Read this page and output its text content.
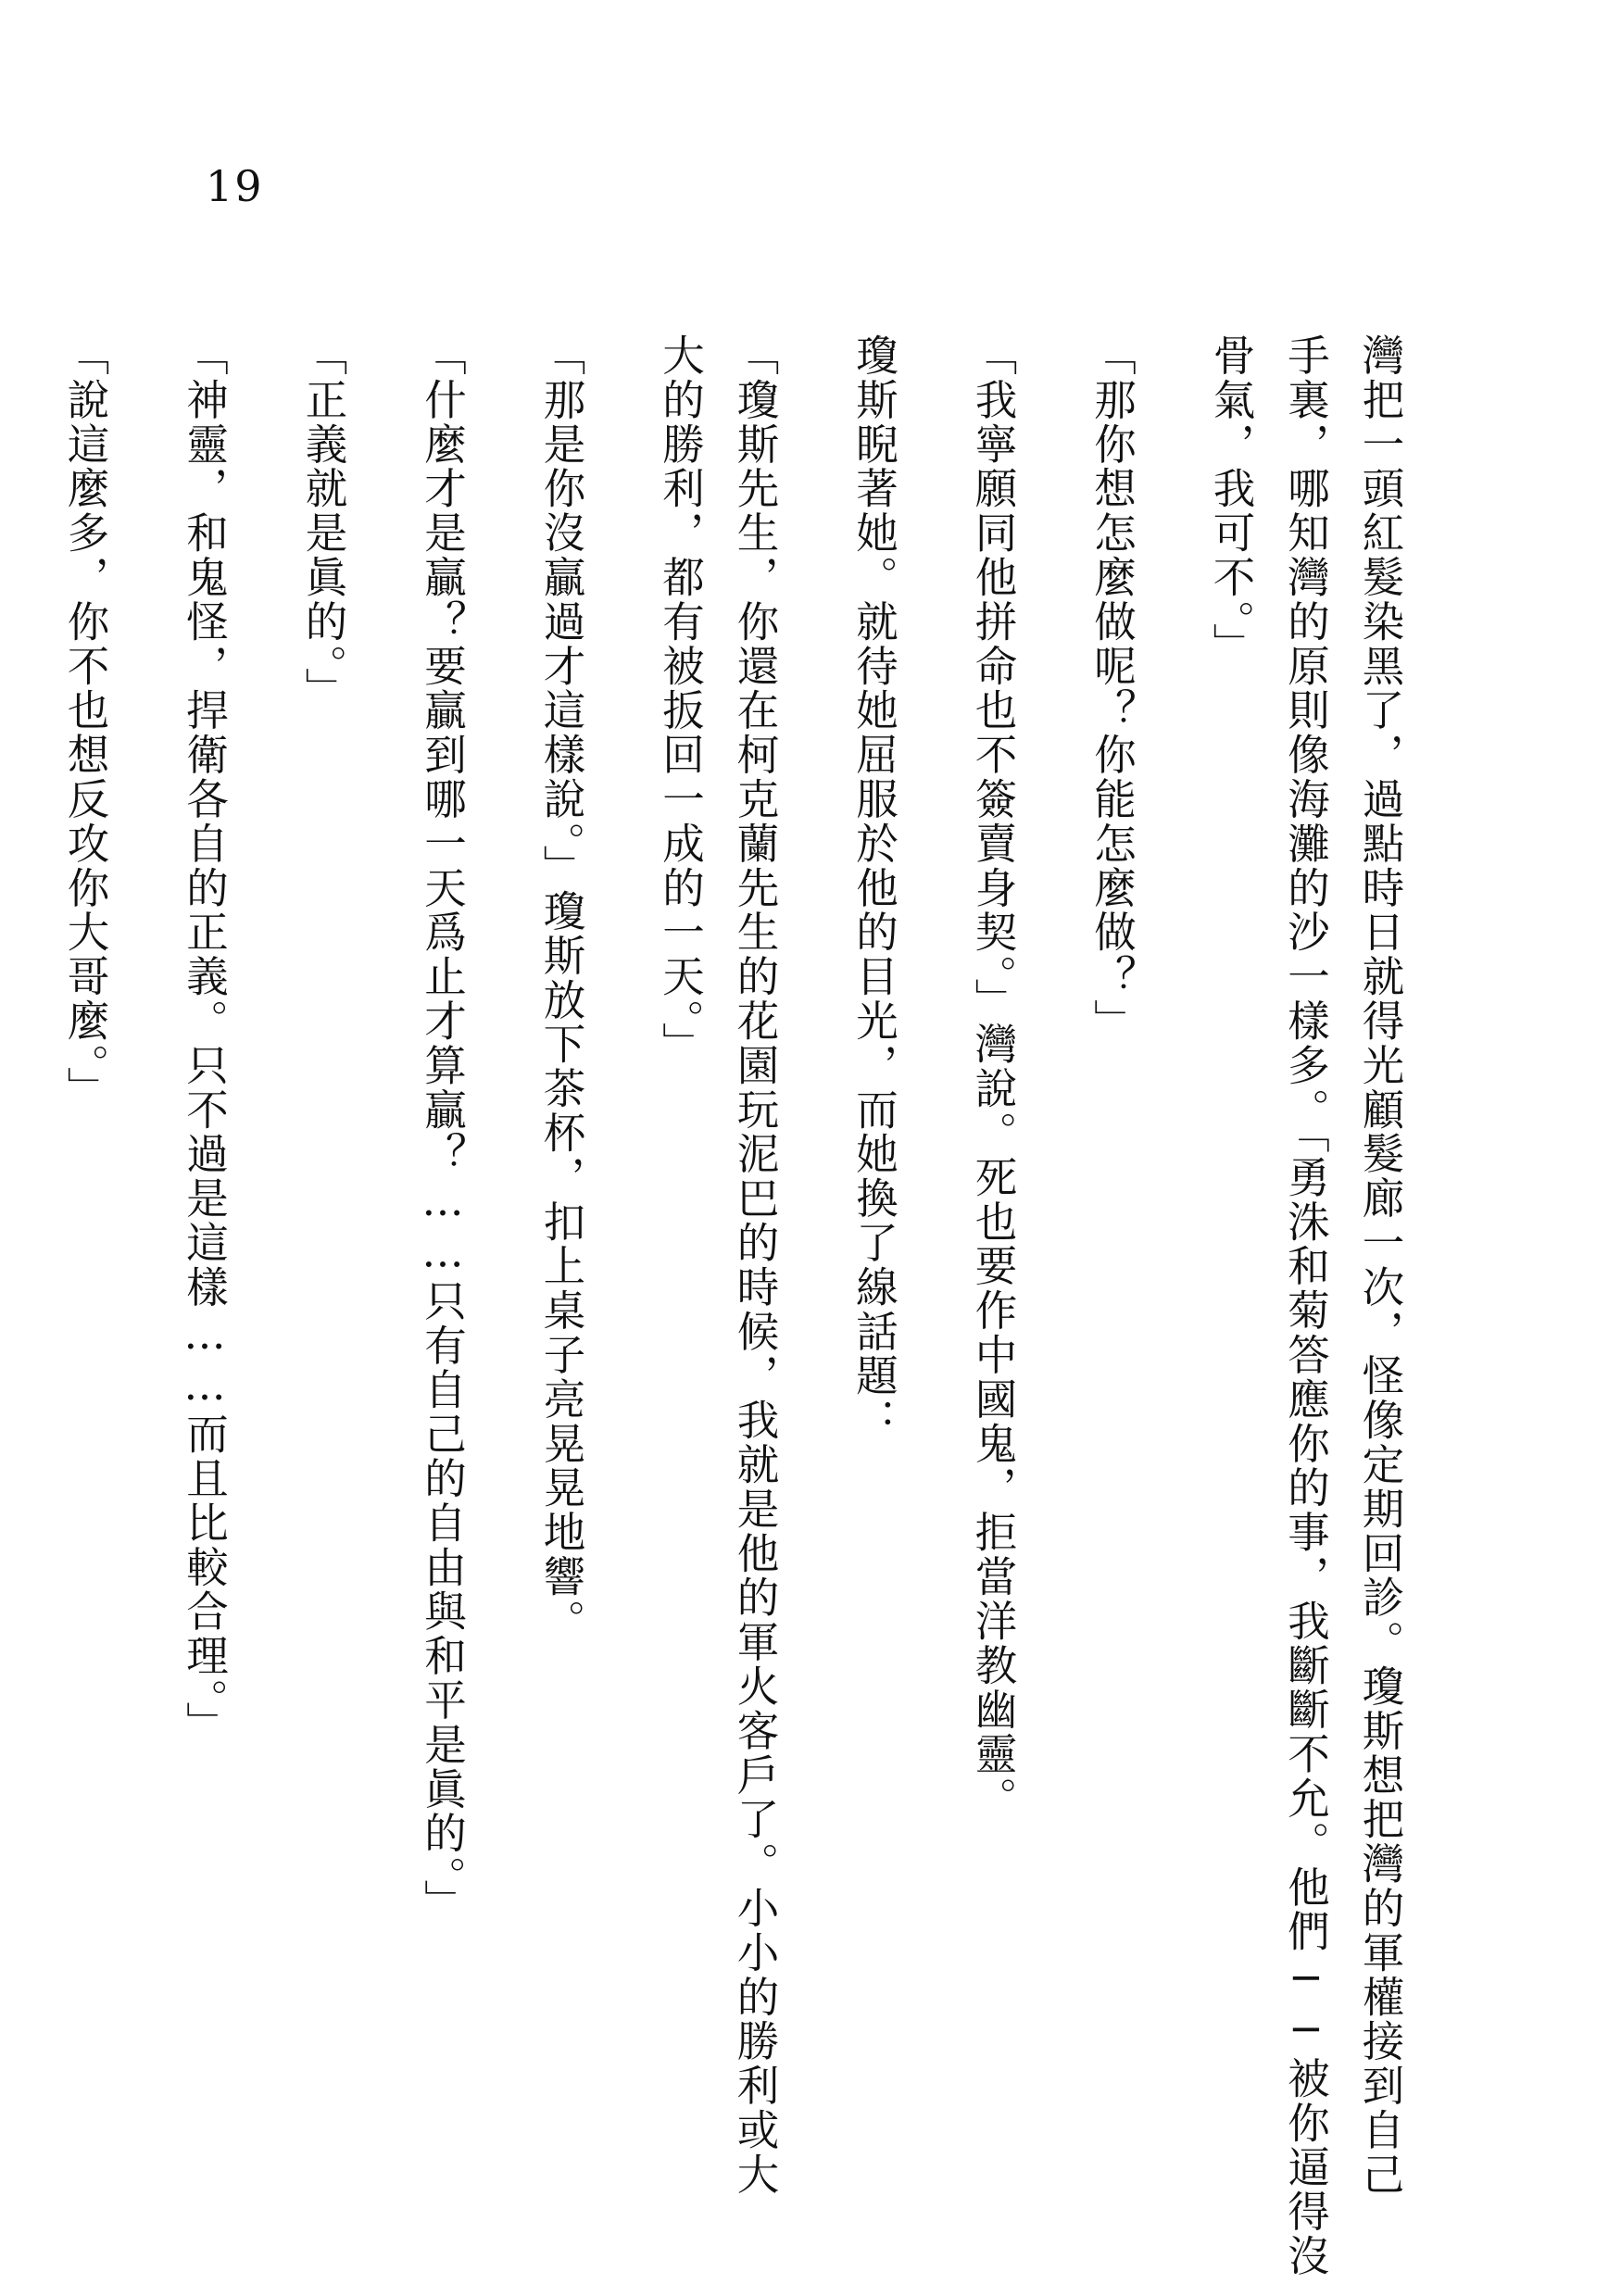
19

灣把一頭紅髮染黑了，過點時日就得光顧髮廊一次，怪像定期回診。瓊斯想把灣的軍權接到自己

手裏，哪知灣的原則像海灘的沙一樣多。「勇洙和菊答應你的事，我斷斷不允。他們──被你逼得沒

骨氣，我可不。」

「那你想怎麼做呢？你能怎麼做？」

「我寧願同他拼命也不簽賣身契。」灣說。死也要作中國鬼，拒當洋教幽靈。

瓊斯睨著她。就待她屈服於他的目光，而她換了線話題：

「瓊斯先生，你還在柯克蘭先生的花園玩泥巴的時候，我就是他的軍火客戶了。小小的勝利或大

大的勝利，都有被扳回一成的一天。」

「那是你沒贏過才這樣說。」瓊斯放下茶杯，扣上桌子亮晃晃地響。

「什麼才是贏？要贏到哪一天爲止才算贏？……只有自己的自由與和平是眞的。」

「正義就是眞的。」

「神靈，和鬼怪，捍衛各自的正義。只不過是這樣……而且比較合理。」

「說這麼多，你不也想反攻你大哥麼。」
